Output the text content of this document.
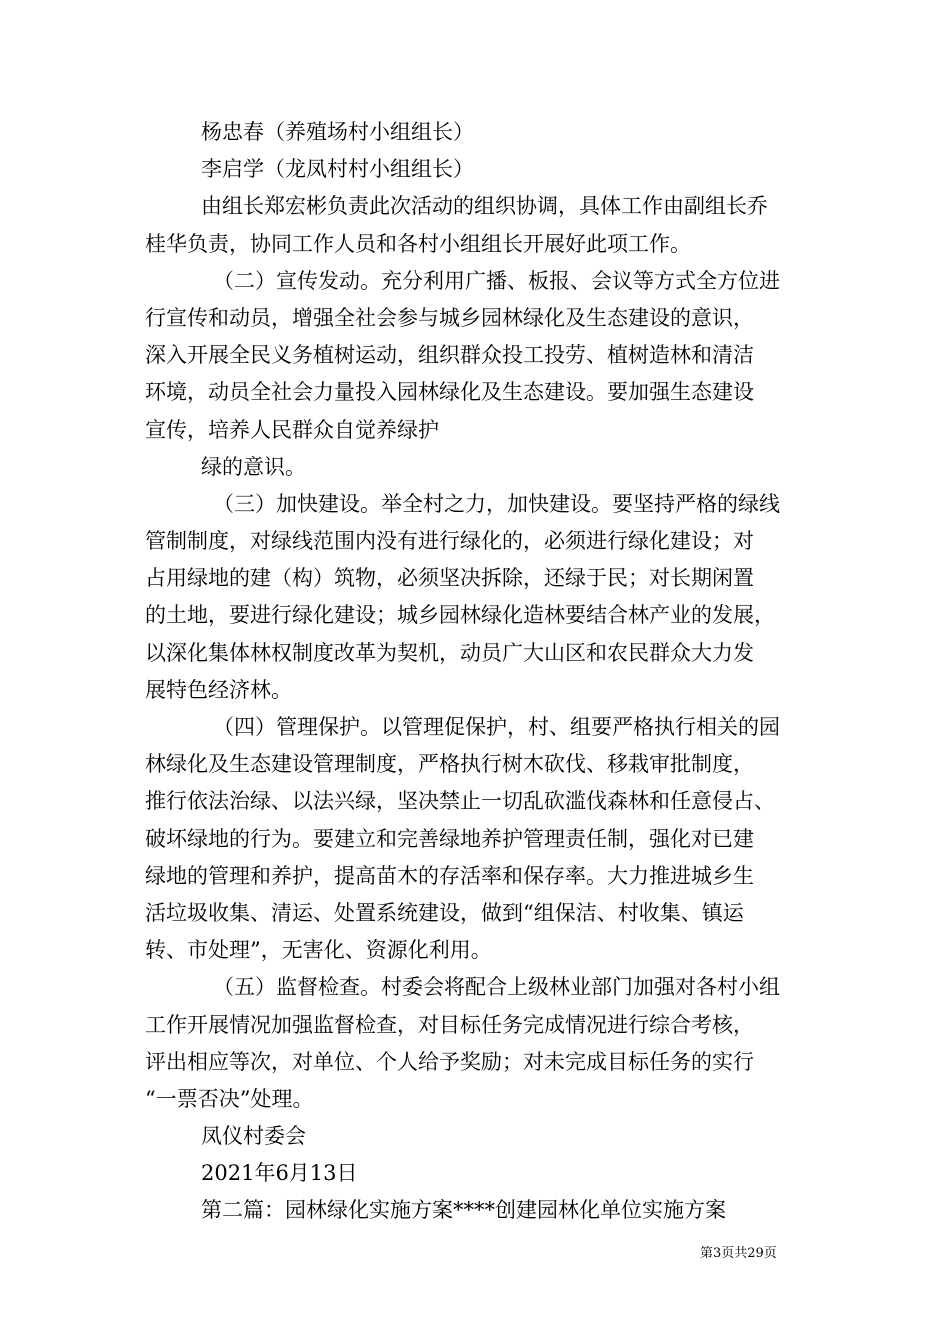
杨忠春（养殖场村小组组长）
李启学（龙凤村村小组组长）
由组长郑宏彬负责此次活动的组织协调，具体工作由副组长乔
桂华负责，协同工作人员和各村小组组长开展好此项工作。
（二）宣传发动。充分利用广播、板报、会议等方式全方位进
行宣传和动员，增强全社会参与城乡园林绿化及生态建设的意识，
深入开展全民义务植树运动，组织群众投工投劳、植树造林和清洁
环境，动员全社会力量投入园林绿化及生态建设。要加强生态建设
宣传，培养人民群众自觉养绿护
绿的意识。
（三）加快建设。举全村之力，加快建设。要坚持严格的绿线
管制制度，对绿线范围内没有进行绿化的，必须进行绿化建设；对
占用绿地的建（构）筑物，必须坚决拆除，还绿于民；对长期闲置
的土地，要进行绿化建设；城乡园林绿化造林要结合林产业的发展，
以深化集体林权制度改革为契机，动员广大山区和农民群众大力发
展特色经济林。
（四）管理保护。以管理促保护，村、组要严格执行相关的园
林绿化及生态建设管理制度，严格执行树木砍伐、移栽审批制度，
推行依法治绿、以法兴绿，坚决禁止一切乱砍滥伐森林和任意侵占、
破坏绿地的行为。要建立和完善绿地养护管理责任制，强化对已建
绿地的管理和养护，提高苗木的存活率和保存率。大力推进城乡生
活垃圾收集、清运、处置系统建设，做到“组保洁、村收集、镇运
转、市处理”，无害化、资源化利用。
（五）监督检查。村委会将配合上级林业部门加强对各村小组
工作开展情况加强监督检查，对目标任务完成情况进行综合考核，
评出相应等次，对单位、个人给予奖励；对未完成目标任务的实行
“一票否决”处理。
凤仪村委会
2021年6月13日
第二篇：园林绿化实施方案****创建园林化单位实施方案
第3页共29页
